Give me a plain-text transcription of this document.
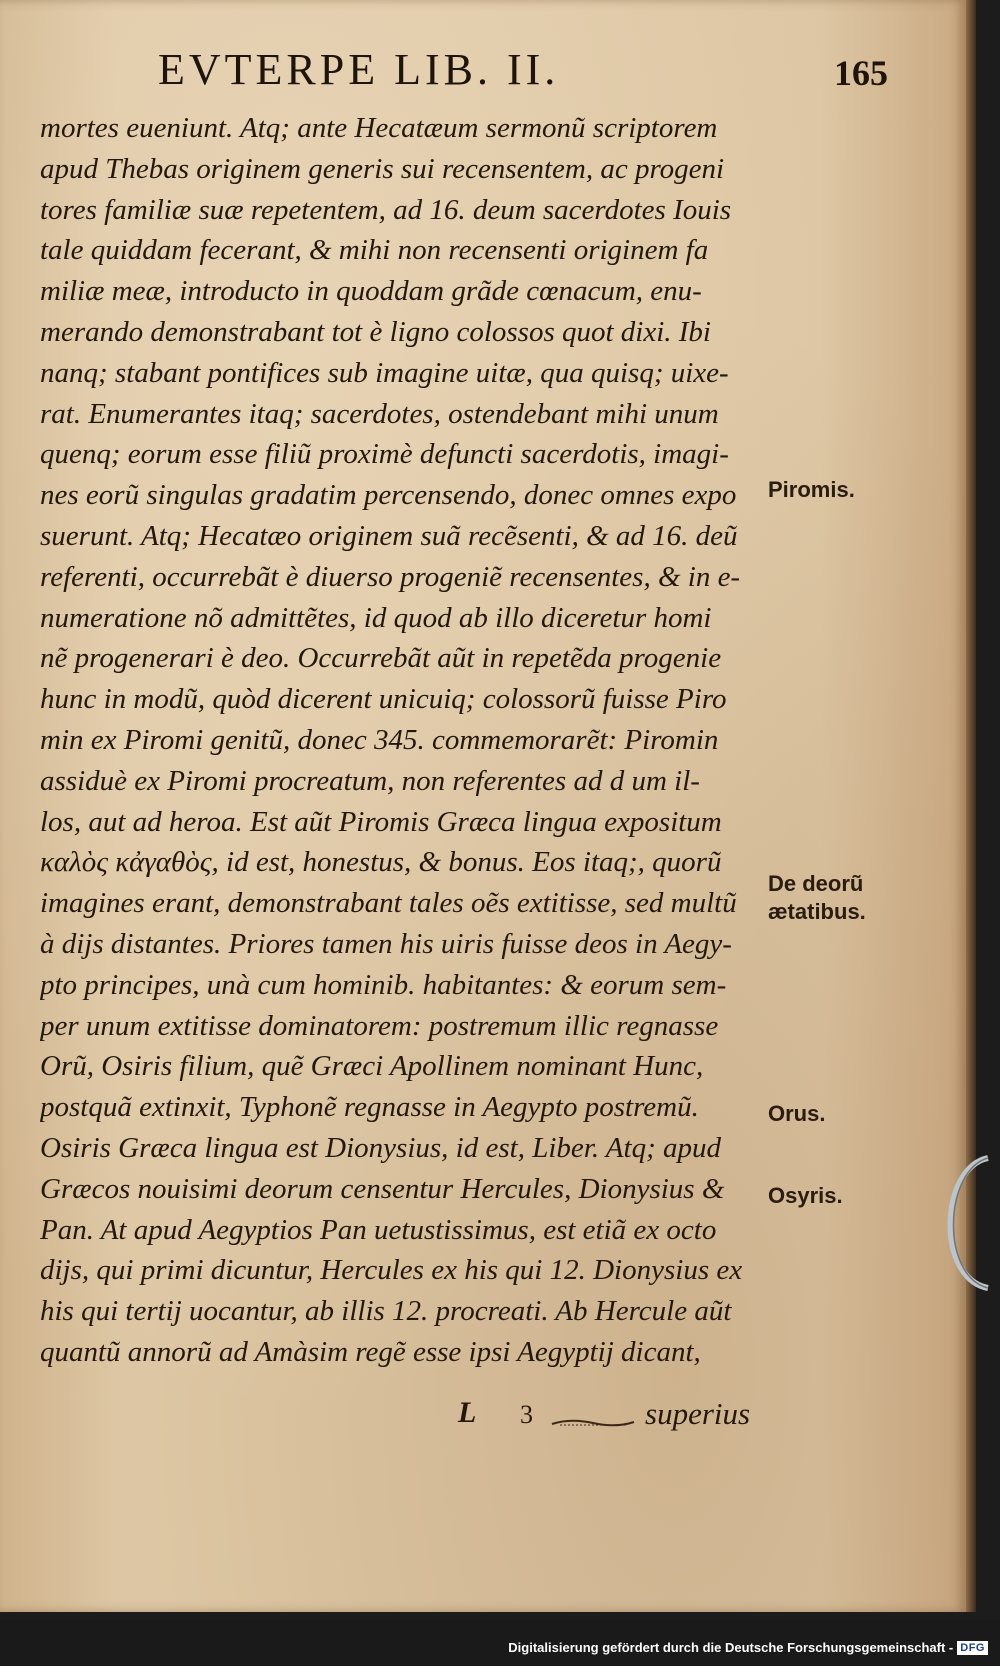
EVTERPE LIB. II.	165
mortes eueniunt. Atq; ante Hecatæum sermonũ scriptorem
apud Thebas originem generis sui recensentem, ac progeni
tores familiæ suæ repetentem, ad 16. deum sacerdotes Iouis
tale quiddam fecerant, & mihi non recensenti originem fa
miliæ meæ, introducto in quoddam grãde cœnacum, enu-
merando demonstrabant tot è ligno colossos quot dixi. Ibi
nanq; stabant pontifices sub imagine uitæ, qua quisq; uixe-
rat. Enumerantes itaq; sacerdotes, ostendebant mihi unum
quenq; eorum esse filiũ proximè defuncti sacerdotis, imagi-
nes eorũ singulas gradatim percensendo, donec omnes expo
suerunt. Atq; Hecatæo originem suã recẽsenti, & ad 16. deũ
referenti, occurrebãt è diuerso progeniẽ recensentes, & in e-
numeratione nõ admittẽtes, id quod ab illo diceretur homi
nẽ progenerari è deo. Occurrebãt aũt in repetẽda progenie
hunc in modũ, quòd dicerent unicuiq; colossorũ fuisse Piro
min ex Piromi genitũ, donec 345. commemorarẽt: Piromin
assiduè ex Piromi procreatum, non referentes ad d um il-
los, aut ad heroa. Est aũt Piromis Græca lingua expositum
καλὸς κἀγαθὸς, id est, honestus, & bonus. Eos itaq;, quorũ
imagines erant, demonstrabant tales oẽs extitisse, sed multũ
à dijs distantes. Priores tamen his uiris fuisse deos in Aegy-
pto principes, unà cum hominib. habitantes: & eorum sem-
per unum extitisse dominatorem: postremum illic regnasse
Orũ, Osiris filium, quẽ Græci Apollinem nominant Hunc,
postquã extinxit, Typhonẽ regnasse in Aegypto postremũ.
Osiris Græca lingua est Dionysius, id est, Liber. Atq; apud
Græcos nouisimi deorum censentur Hercules, Dionysius &
Pan. At apud Aegyptios Pan uetustissimus, est etiã ex octo
dijs, qui primi dicuntur, Hercules ex his qui 12. Dionysius ex
his qui tertij uocantur, ab illis 12. procreati. Ab Hercule aũt
quantũ annorũ ad Amàsim regẽ esse ipsi Aegyptij dicant,
Piromis.
De deorũ
ætatibus.
Orus.
Osyris.
L 3	superius
Digitalisierung gefördert durch die Deutsche Forschungsgemeinschaft - DFG
